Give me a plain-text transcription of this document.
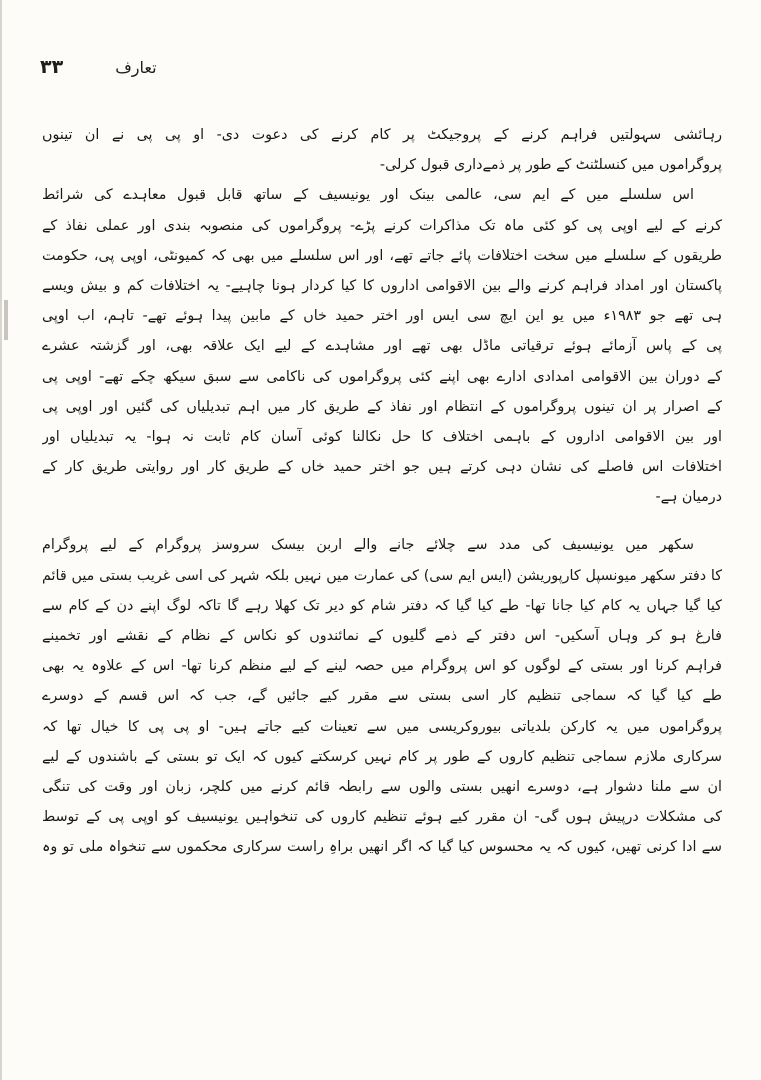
۳۳	تعارف
رہائشی سہولتیں فراہم کرنے کے پروجیکٹ پر کام کرنے کی دعوت دی- او پی پی نے ان تینوں
پروگراموں میں کنسلٹنٹ کے طور پر ذمےداری قبول کرلی-
اس سلسلے میں کے ایم سی، عالمی بینک اور یونیسیف کے ساتھ قابل قبول معاہدے کی شرائط
کرنے کے لیے اوپی پی کو کئی ماہ تک مذاکرات کرنے پڑے- پروگراموں کی منصوبہ بندی اور عملی نفاذ کے
طریقوں کے سلسلے میں سخت اختلافات پائے جاتے تھے، اور اس سلسلے میں بھی کہ کمیونٹی، اوپی پی، حکومت
پاکستان اور امداد فراہم کرنے والے بین الاقوامی اداروں کا کیا کردار ہونا چاہیے- یہ اختلافات کم و بیش ویسے
ہی تھے جو ۱۹۸۳ء میں یو این ایچ سی ایس اور اختر حمید خاں کے مابین پیدا ہوئے تھے- تاہم، اب اوپی
پی کے پاس آزمائے ہوئے ترقیاتی ماڈل بھی تھے اور مشاہدے کے لیے ایک علاقہ بھی، اور گزشتہ عشرے
کے دوران بین الاقوامی امدادی ادارے بھی اپنے کئی پروگراموں کی ناکامی سے سبق سیکھ چکے تھے- اوپی پی
کے اصرار پر ان تینوں پروگراموں کے انتظام اور نفاذ کے طریق کار میں اہم تبدیلیاں کی گئیں اور اوپی پی
اور بین الاقوامی اداروں کے باہمی اختلاف کا حل نکالنا کوئی آسان کام ثابت نہ ہوا- یہ تبدیلیاں اور
اختلافات اس فاصلے کی نشان دہی کرتے ہیں جو اختر حمید خاں کے طریق کار اور روایتی طریق کار کے
درمیان ہے-
سکھر میں یونیسیف کی مدد سے چلائے جانے والے اربن بیسک سروسز پروگرام کے لیے پروگرام
کا دفتر سکھر میونسپل کارپوریشن (ایس ایم سی) کی عمارت میں نہیں بلکہ شہر کی اسی غریب بستی میں قائم
کیا گیا جہاں یہ کام کیا جانا تھا- طے کیا گیا کہ دفتر شام کو دیر تک کھلا رہے گا تاکہ لوگ اپنے دن کے کام سے
فارغ ہو کر وہاں آسکیں- اس دفتر کے ذمے گلیوں کے نمائندوں کو نکاس کے نظام کے نقشے اور تخمینے
فراہم کرنا اور بستی کے لوگوں کو اس پروگرام میں حصہ لینے کے لیے منظم کرنا تھا- اس کے علاوہ یہ بھی
طے کیا گیا کہ سماجی تنظیم کار اسی بستی سے مقرر کیے جائیں گے، جب کہ اس قسم کے دوسرے
پروگراموں میں یہ کارکن بلدیاتی بیوروکریسی میں سے تعینات کیے جاتے ہیں- او پی پی کا خیال تھا کہ
سرکاری ملازم سماجی تنظیم کاروں کے طور پر کام نہیں کرسکتے کیوں کہ ایک تو بستی کے باشندوں کے لیے
ان سے ملنا دشوار ہے، دوسرے انھیں بستی والوں سے رابطہ قائم کرنے میں کلچر، زبان اور وقت کی تنگی
کی مشکلات درپیش ہوں گی- ان مقرر کیے ہوئے تنظیم کاروں کی تنخواہیں یونیسیف کو اوپی پی کے توسط
سے ادا کرنی تھیں، کیوں کہ یہ محسوس کیا گیا کہ اگر انھیں براہِ راست سرکاری محکموں سے تنخواہ ملی تو وہ
